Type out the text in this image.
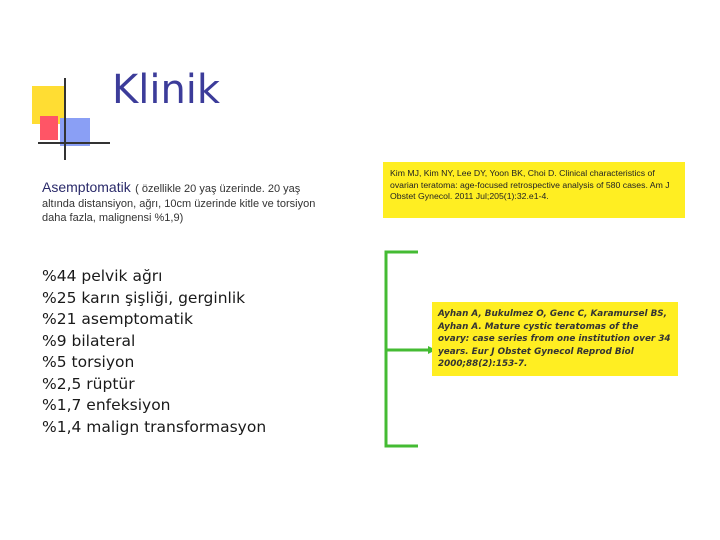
Klinik
Asemptomatik ( özellikle 20 yaş üzerinde. 20 yaş
altında distansiyon, ağrı, 10cm üzerinde kitle ve torsiyon
daha fazla, malignensi %1,9)
%44 pelvik ağrı
%25 karın şişliği, gerginlik
%21 asemptomatik
%9 bilateral
%5 torsiyon
%2,5 rüptür
%1,7 enfeksiyon
%1,4 malign transformasyon
Kim MJ, Kim NY, Lee DY, Yoon BK, Choi D. Clinical characteristics of ovarian teratoma: age-focused retrospective analysis of 580 cases. Am J Obstet Gynecol. 2011 Jul;205(1):32.e1-4.
Ayhan A, Bukulmez O, Genc C, Karamursel BS, Ayhan A. Mature cystic teratomas of the ovary: case series from one institution over 34 years. Eur J Obstet Gynecol Reprod Biol 2000;88(2):153-7.
